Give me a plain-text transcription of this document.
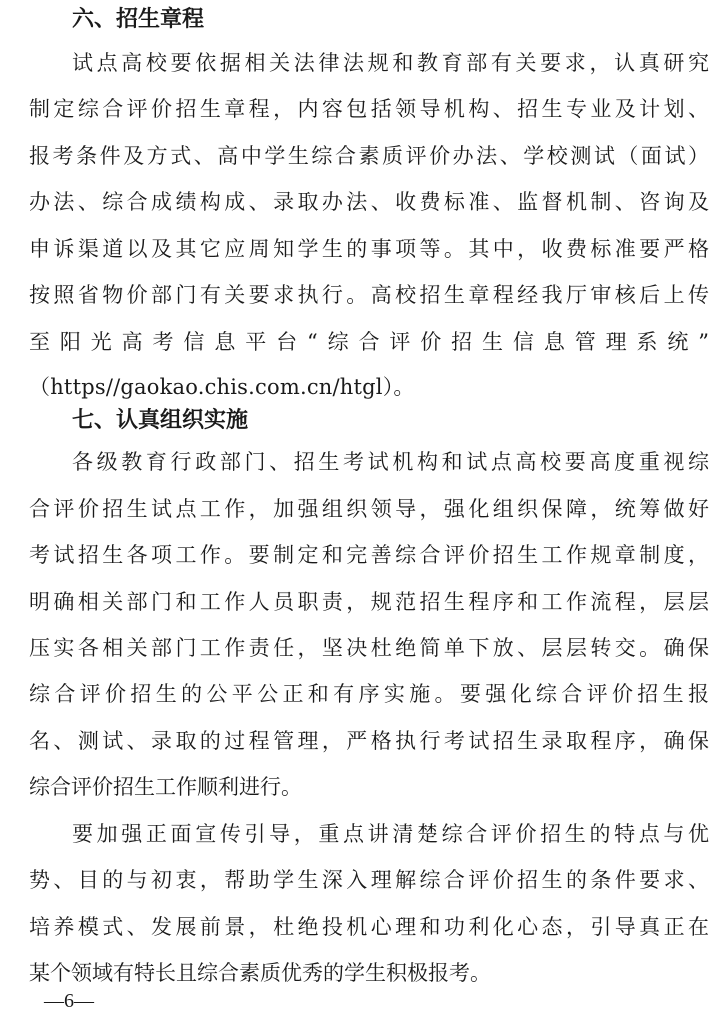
六、招生章程
试点高校要依据相关法律法规和教育部有关要求，认真研究
制定综合评价招生章程，内容包括领导机构、招生专业及计划、
报考条件及方式、高中学生综合素质评价办法、学校测试（面试）
办法、综合成绩构成、录取办法、收费标准、监督机制、咨询及
申诉渠道以及其它应周知学生的事项等。其中，收费标准要严格
按照省物价部门有关要求执行。高校招生章程经我厅审核后上传
至阳光高考信息平台“综合评价招生信息管理系统”
（https//gaokao.chis.com.cn/htgl）。
七、认真组织实施
各级教育行政部门、招生考试机构和试点高校要高度重视综
合评价招生试点工作，加强组织领导，强化组织保障，统筹做好
考试招生各项工作。要制定和完善综合评价招生工作规章制度，
明确相关部门和工作人员职责，规范招生程序和工作流程，层层
压实各相关部门工作责任，坚决杜绝简单下放、层层转交。确保
综合评价招生的公平公正和有序实施。要强化综合评价招生报
名、测试、录取的过程管理，严格执行考试招生录取程序，确保
综合评价招生工作顺利进行。
要加强正面宣传引导，重点讲清楚综合评价招生的特点与优
势、目的与初衷，帮助学生深入理解综合评价招生的条件要求、
培养模式、发展前景，杜绝投机心理和功利化心态，引导真正在
某个领域有特长且综合素质优秀的学生积极报考。
—6—
